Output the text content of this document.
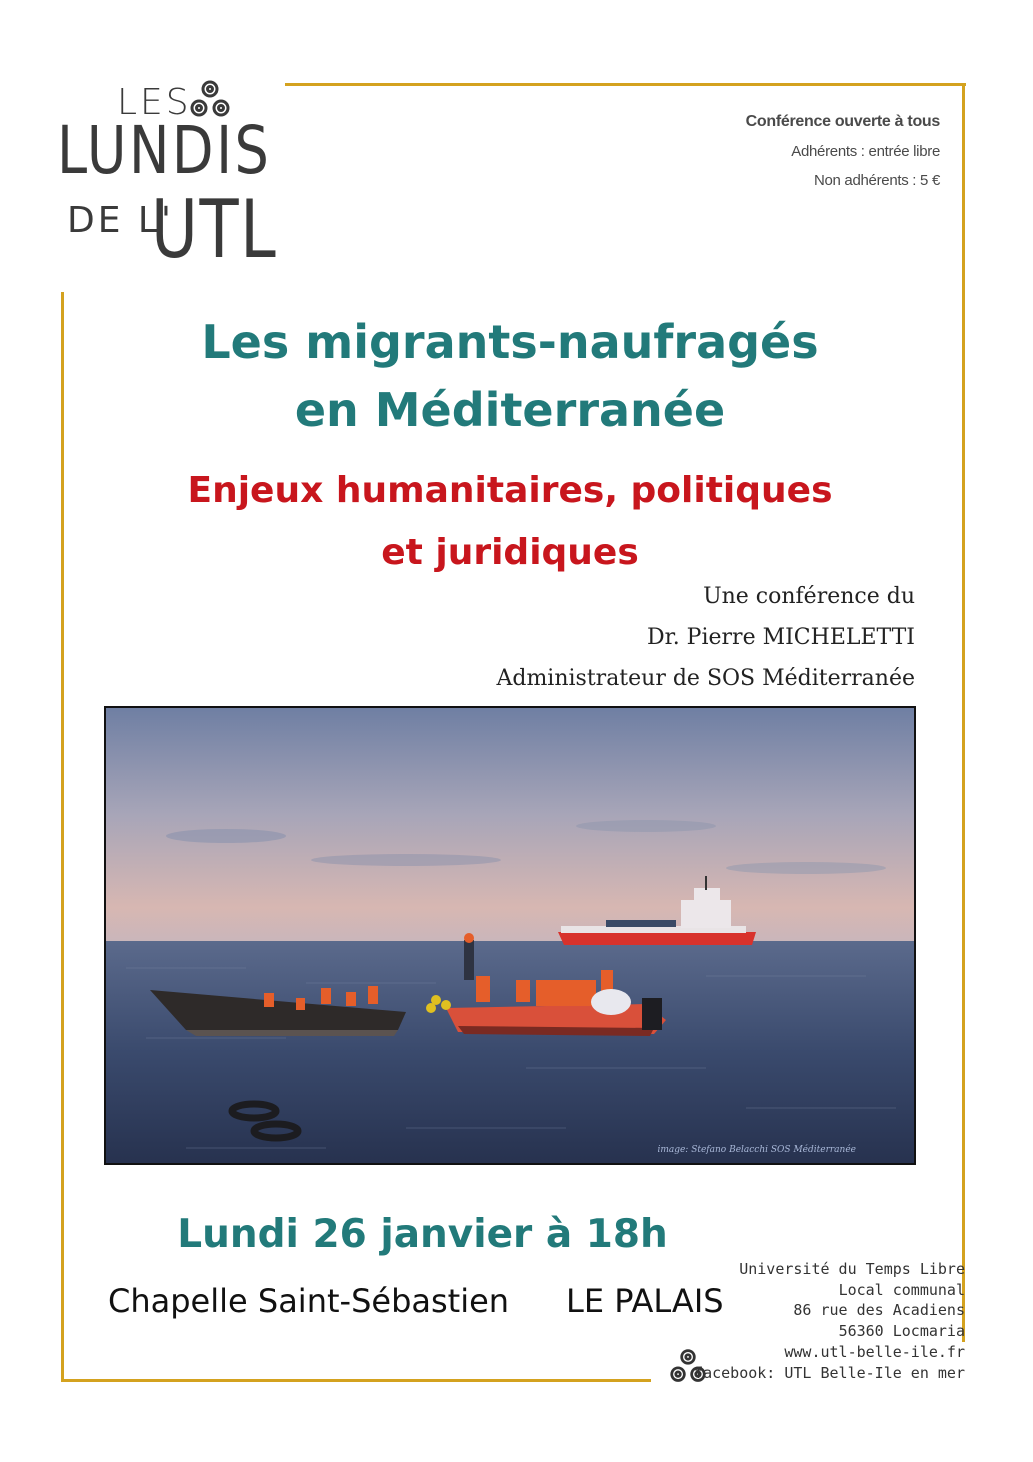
LES
LUNDIS
DE L'
UTL
Conférence ouverte à tous
Adhérents : entrée libre
Non adhérents : 5 €
Les migrants-naufragés
en Méditerranée
Enjeux humanitaires, politiques
et juridiques
Une conférence du
Dr. Pierre MICHELETTI
Administrateur de SOS Méditerranée
image: Stefano Belacchi SOS Méditerranée
Lundi 26 janvier à 18h
Chapelle Saint-Sébastien LE PALAIS
Université du Temps Libre
Local communal
86 rue des Acadiens
56360 Locmaria
www.utl-belle-ile.fr
facebook: UTL Belle-Ile en mer
